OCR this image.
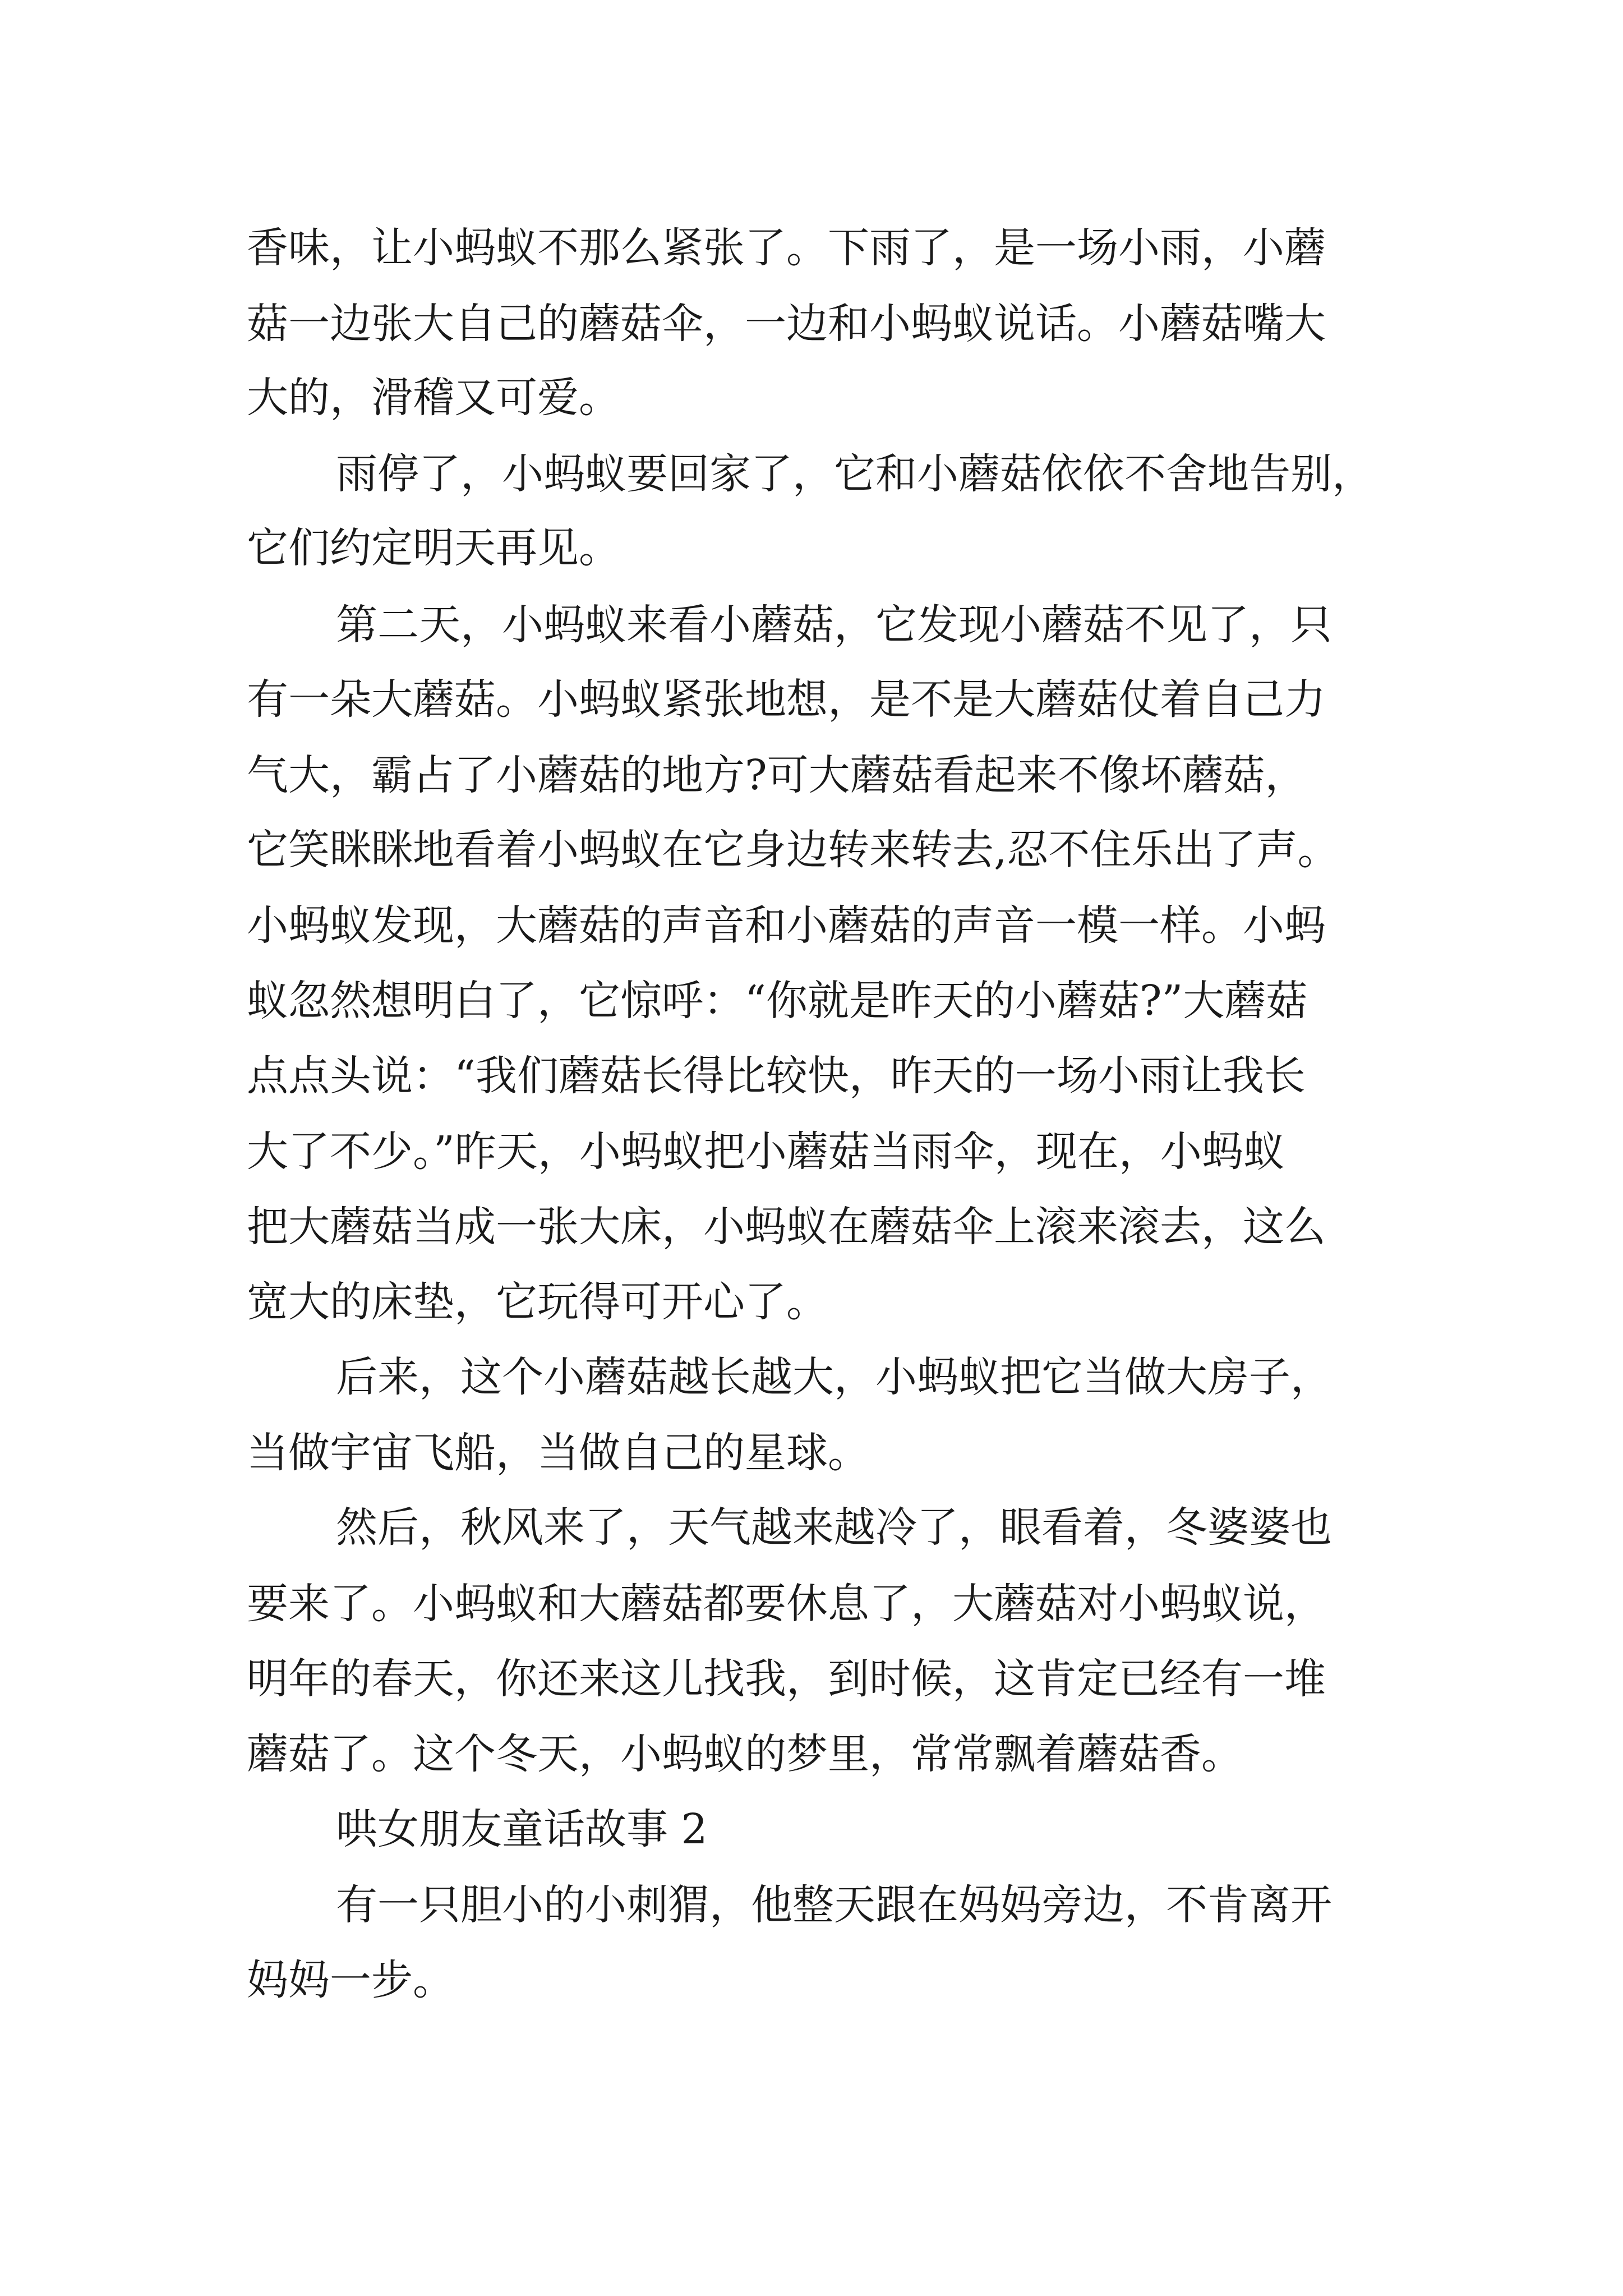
香味，让小蚂蚁不那么紧张了。下雨了，是一场小雨，小蘑
菇一边张大自己的蘑菇伞，一边和小蚂蚁说话。小蘑菇嘴大
大的，滑稽又可爱。
雨停了，小蚂蚁要回家了，它和小蘑菇依依不舍地告别，
它们约定明天再见。
第二天，小蚂蚁来看小蘑菇，它发现小蘑菇不见了，只
有一朵大蘑菇。小蚂蚁紧张地想，是不是大蘑菇仗着自己力
气大，霸占了小蘑菇的地方?可大蘑菇看起来不像坏蘑菇，
它笑眯眯地看着小蚂蚁在它身边转来转去,忍不住乐出了声。
小蚂蚁发现，大蘑菇的声音和小蘑菇的声音一模一样。小蚂
蚁忽然想明白了，它惊呼：“你就是昨天的小蘑菇?”大蘑菇
点点头说：“我们蘑菇长得比较快，昨天的一场小雨让我长
大了不少。”昨天，小蚂蚁把小蘑菇当雨伞，现在，小蚂蚁
把大蘑菇当成一张大床，小蚂蚁在蘑菇伞上滚来滚去，这么
宽大的床垫，它玩得可开心了。
后来，这个小蘑菇越长越大，小蚂蚁把它当做大房子，
当做宇宙飞船，当做自己的星球。
然后，秋风来了，天气越来越冷了，眼看着，冬婆婆也
要来了。小蚂蚁和大蘑菇都要休息了，大蘑菇对小蚂蚁说，
明年的春天，你还来这儿找我，到时候，这肯定已经有一堆
蘑菇了。这个冬天，小蚂蚁的梦里，常常飘着蘑菇香。
哄女朋友童话故事 2
有一只胆小的小刺猬，他整天跟在妈妈旁边，不肯离开
妈妈一步。
